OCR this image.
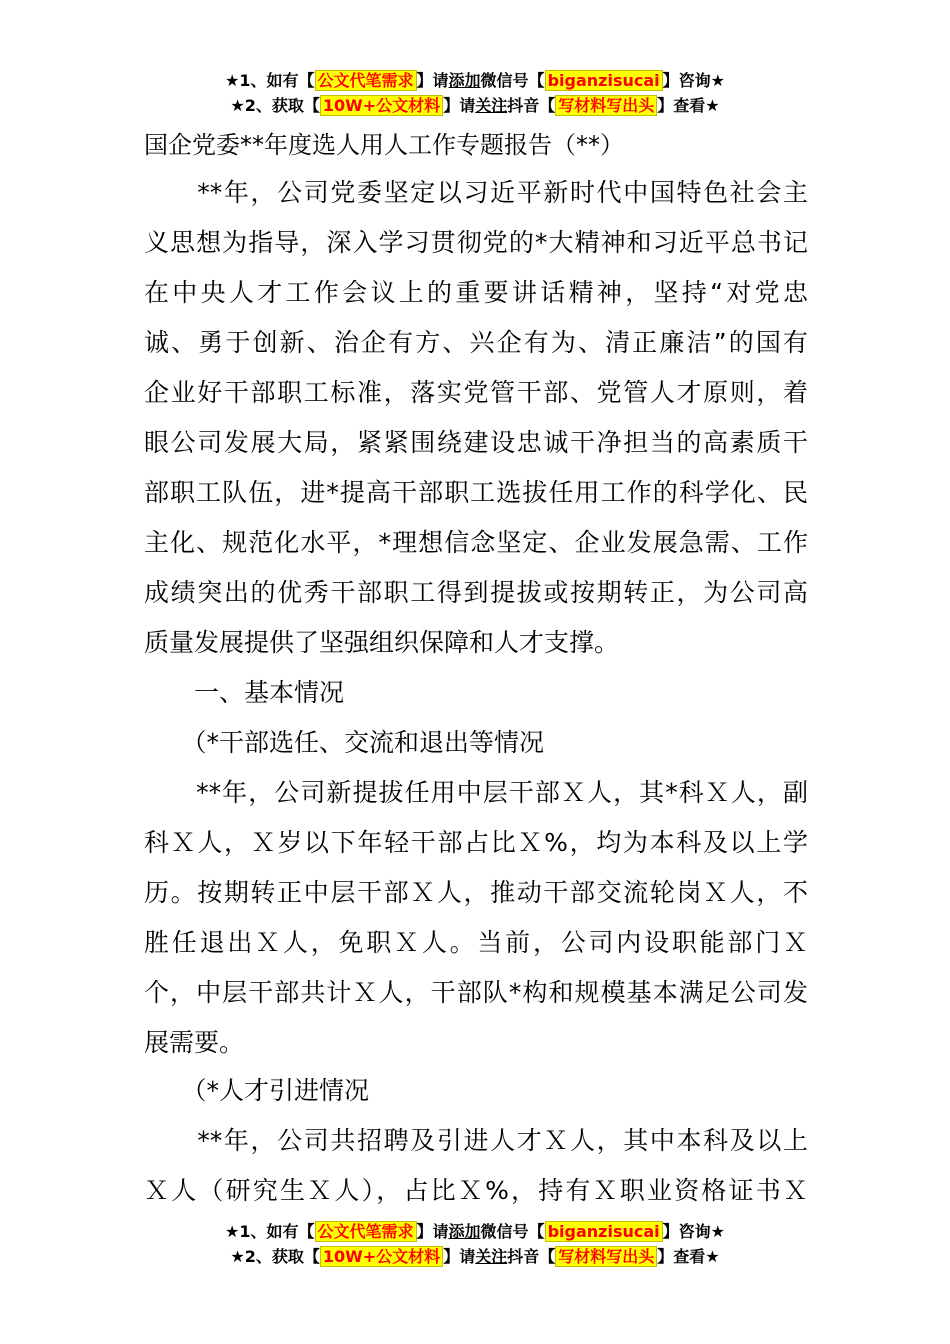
★1、如有【 公文代笔需求 】请添加微信号【 biganzisucai 】咨询★
★2、获取【 10W+公文材料 】请关注抖音【 写材料写出头 】查看★
国企党委**年度选人用人工作专题报告（**）
　　**年，公司党委坚定以习近平新时代中国特色社会主
义思想为指导，深入学习贯彻党的*大精神和习近平总书记
在中央人才工作会议上的重要讲话精神，坚持“对党忠
诚、勇于创新、治企有方、兴企有为、清正廉洁”的国有
企业好干部职工标准，落实党管干部、党管人才原则，着
眼公司发展大局，紧紧围绕建设忠诚干净担当的高素质干
部职工队伍，进*提高干部职工选拔任用工作的科学化、民
主化、规范化水平，*理想信念坚定、企业发展急需、工作
成绩突出的优秀干部职工得到提拔或按期转正，为公司高
质量发展提供了坚强组织保障和人才支撑。
　　一、基本情况
　　（*干部选任、交流和退出等情况
　　**年，公司新提拔任用中层干部Ｘ人，其*科Ｘ人，副
科Ｘ人，Ｘ岁以下年轻干部占比Ｘ%，均为本科及以上学
历。按期转正中层干部Ｘ人，推动干部交流轮岗Ｘ人，不
胜任退出Ｘ人，免职Ｘ人。当前，公司内设职能部门Ｘ
个，中层干部共计Ｘ人，干部队*构和规模基本满足公司发
展需要。
　　（*人才引进情况
　　**年，公司共招聘及引进人才Ｘ人，其中本科及以上
Ｘ人（研究生Ｘ人），占比Ｘ%，持有Ｘ职业资格证书Ｘ
★1、如有【 公文代笔需求 】请添加微信号【 biganzisucai 】咨询★
★2、获取【 10W+公文材料 】请关注抖音【 写材料写出头 】查看★
